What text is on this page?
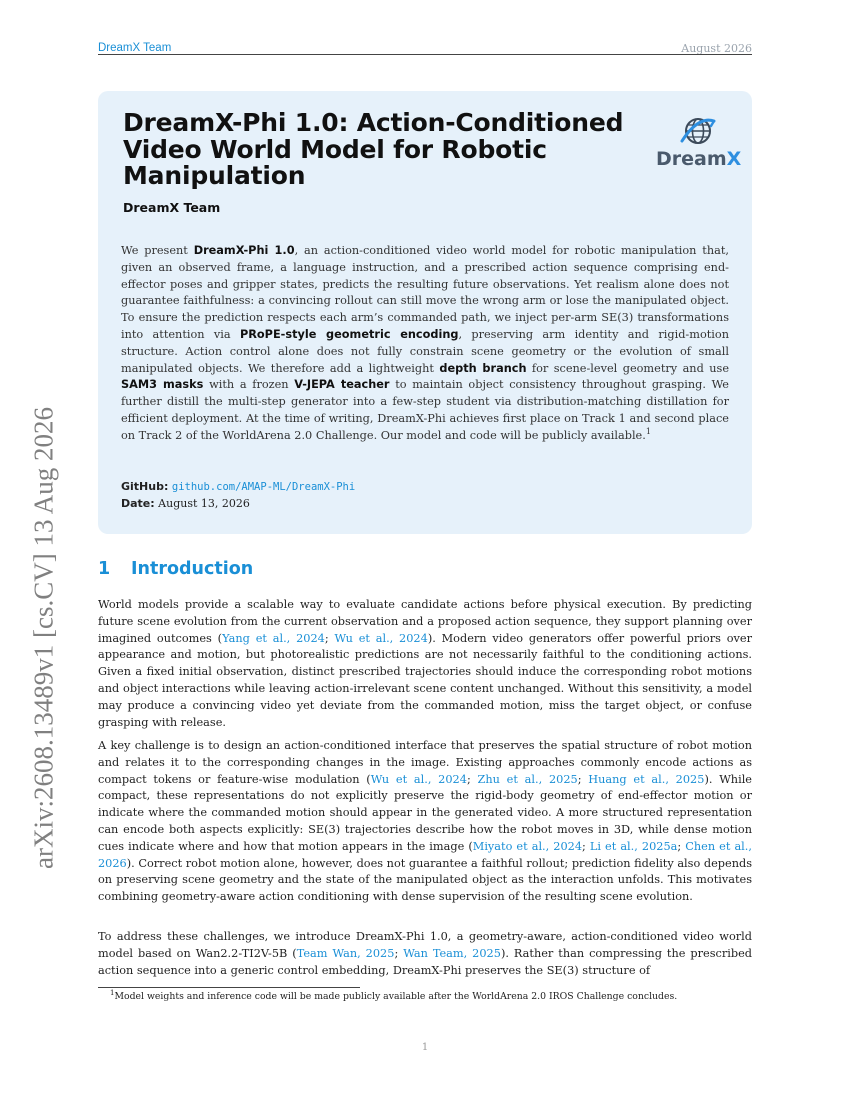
DreamX Team	August 2026
arXiv:2608.13489v1 [cs.CV] 13 Aug 2026
DreamX-Phi 1.0: Action-Conditioned Video World Model for Robotic Manipulation
DreamX Team
DreamX

We present DreamX-Phi 1.0, an action-conditioned video world model for robotic manipulation that, given an observed frame, a language instruction, and a prescribed action sequence comprising end-effector poses and gripper states, predicts the resulting future observations. Yet realism alone does not guarantee faithfulness: a convincing rollout can still move the wrong arm or lose the manipulated object. To ensure the prediction respects each arm’s commanded path, we inject per-arm SE(3) transformations into attention via PRoPE-style geometric encoding, preserving arm identity and rigid-motion structure. Action control alone does not fully constrain scene geometry or the evolution of small manipulated objects. We therefore add a lightweight depth branch for scene-level geometry and use SAM3 masks with a frozen V-JEPA teacher to maintain object consistency throughout grasping. We further distill the multi-step generator into a few-step student via distribution-matching distillation for efficient deployment. At the time of writing, DreamX-Phi achieves first place on Track 1 and second place on Track 2 of the WorldArena 2.0 Challenge. Our model and code will be publicly available.$^1$

GitHub: github.com/AMAP-ML/DreamX-Phi
Date: August 13, 2026
1 Introduction

World models provide a scalable way to evaluate candidate actions before physical execution. By predicting future scene evolution from the current observation and a proposed action sequence, they support planning over imagined outcomes (Yang et al., 2024; Wu et al., 2024). Modern video generators offer powerful priors over appearance and motion, but photorealistic predictions are not necessarily faithful to the conditioning actions. Given a fixed initial observation, distinct prescribed trajectories should induce the corresponding robot motions and object interactions while leaving action-irrelevant scene content unchanged. Without this sensitivity, a model may produce a convincing video yet deviate from the commanded motion, miss the target object, or confuse grasping with release.

A key challenge is to design an action-conditioned interface that preserves the spatial structure of robot motion and relates it to the corresponding changes in the image. Existing approaches commonly encode actions as compact tokens or feature-wise modulation (Wu et al., 2024; Zhu et al., 2025; Huang et al., 2025). While compact, these representations do not explicitly preserve the rigid-body geometry of end-effector motion or indicate where the commanded motion should appear in the generated video. A more structured representation can encode both aspects explicitly: SE(3) trajectories describe how the robot moves in 3D, while dense motion cues indicate where and how that motion appears in the image (Miyato et al., 2024; Li et al., 2025a; Chen et al., 2026). Correct robot motion alone, however, does not guarantee a faithful rollout; prediction fidelity also depends on preserving scene geometry and the state of the manipulated object as the interaction unfolds. This motivates combining geometry-aware action conditioning with dense supervision of the resulting scene evolution.

To address these challenges, we introduce DreamX-Phi 1.0, a geometry-aware, action-conditioned video world model based on Wan2.2-TI2V-5B (Team Wan, 2025; Wan Team, 2025). Rather than compressing the prescribed action sequence into a generic control embedding, DreamX-Phi preserves the SE(3) structure of

$^1$Model weights and inference code will be made publicly available after the WorldArena 2.0 IROS Challenge concludes.
1
